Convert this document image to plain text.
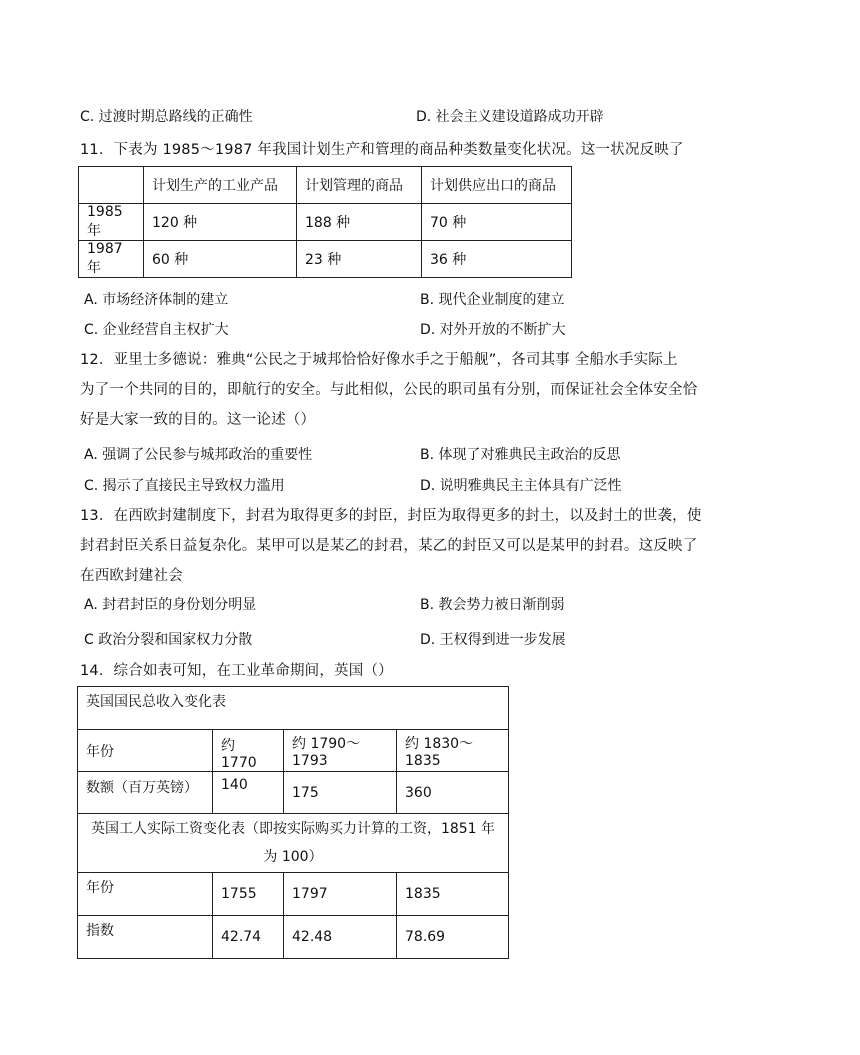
C. 过渡时期总路线的正确性	D. 社会主义建设道路成功开辟
11．下表为 1985～1987 年我国计划生产和管理的商品种类数量变化状况。这一状况反映了
	计划生产的工业产品	计划管理的商品	计划供应出口的商品
1985 年	120 种	188 种	70 种
1987 年	60 种	23 种	36 种
A. 市场经济体制的建立	B. 现代企业制度的建立
C. 企业经营自主权扩大	D. 对外开放的不断扩大
12．亚里士多德说：雅典“公民之于城邦恰恰好像水手之于船舰”，各司其事 全船水手实际上
为了一个共同的目的，即航行的安全。与此相似，公民的职司虽有分别，而保证社会全体安全恰
好是大家一致的目的。这一论述（）
A. 强调了公民参与城邦政治的重要性	B. 体现了对雅典民主政治的反思
C. 揭示了直接民主导致权力滥用	D. 说明雅典民主主体具有广泛性
13．在西欧封建制度下，封君为取得更多的封臣，封臣为取得更多的封土，以及封土的世袭，使
封君封臣关系日益复杂化。某甲可以是某乙的封君，某乙的封臣又可以是某甲的封君。这反映了
在西欧封建社会
A. 封君封臣的身份划分明显	B. 教会势力被日渐削弱
C 政治分裂和国家权力分散	D. 王权得到进一步发展
14．综合如表可知，在工业革命期间，英国（）
英国国民总收入变化表			
年份	约 1770	约 1790～1793	约 1830～1835
数额（百万英镑）	140	175	360

英国工人实际工资变化表（即按实际购买力计算的工资，1851 年
为 100）			

年份	1755	1797	1835
指数	42.74	42.48	78.69
